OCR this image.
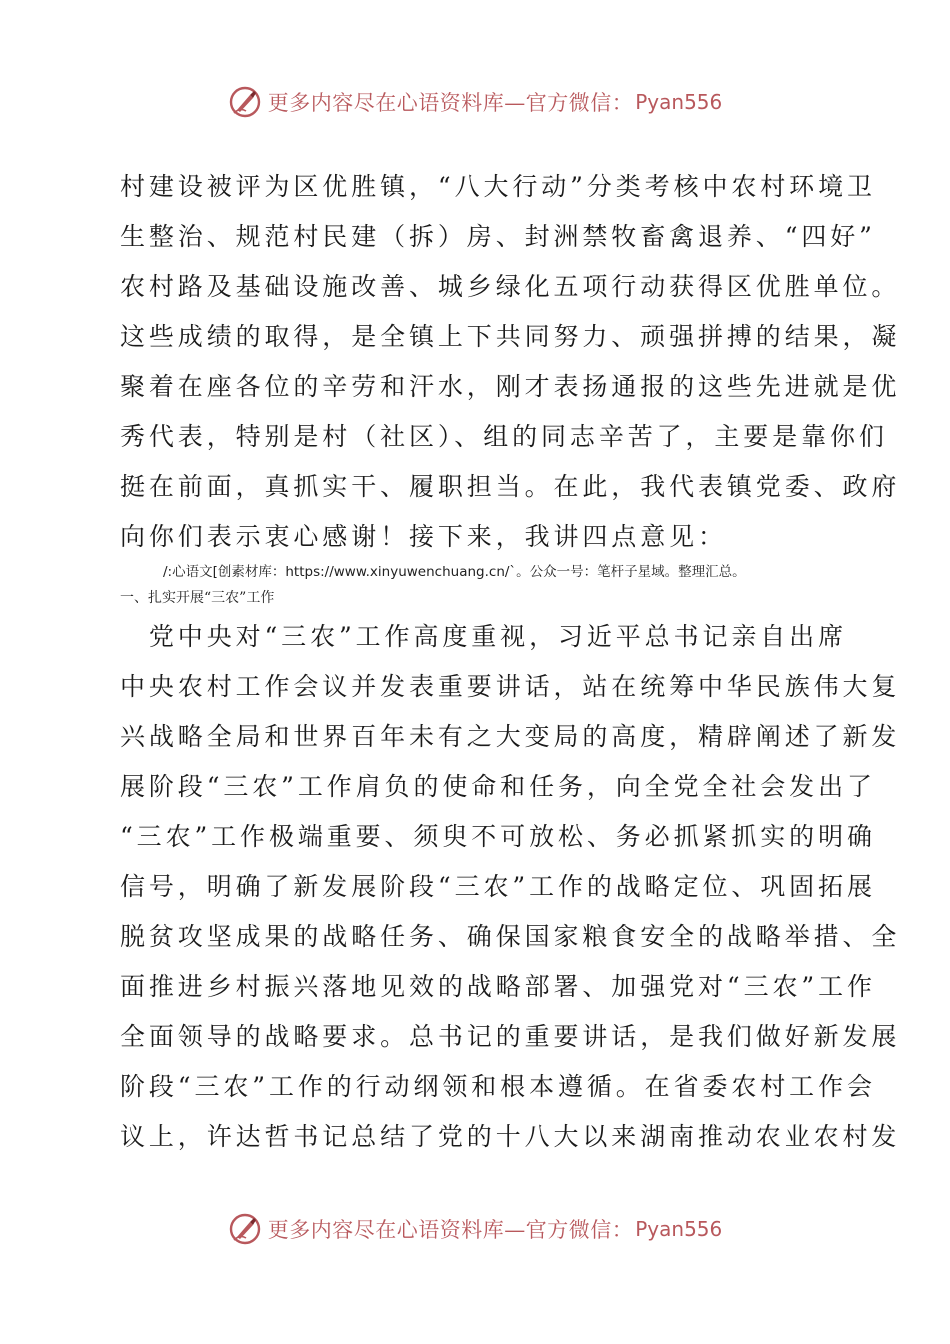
更多内容尽在心语资料库—官方微信： Pyan556
村建设被评为区优胜镇，“八大行动”分类考核中农村环境卫
生整治、规范村民建（拆）房、封洲禁牧畜禽退养、“四好”
农村路及基础设施改善、城乡绿化五项行动获得区优胜单位。
这些成绩的取得，是全镇上下共同努力、顽强拼搏的结果，凝
聚着在座各位的辛劳和汗水，刚才表扬通报的这些先进就是优
秀代表，特别是村（社区）、组的同志辛苦了，主要是靠你们
挺在前面，真抓实干、履职担当。在此，我代表镇党委、政府
向你们表示衷心感谢！接下来，我讲四点意见：
/:心语文[创素材库：https://www.xinyuwenchuang.cn/`。公众一号：笔杆子星域。整理汇总。
一、扎实开展“三农”工作
　党中央对“三农”工作高度重视，习近平总书记亲自出席
中央农村工作会议并发表重要讲话，站在统筹中华民族伟大复
兴战略全局和世界百年未有之大变局的高度，精辟阐述了新发
展阶段“三农”工作肩负的使命和任务，向全党全社会发出了
“三农”工作极端重要、须臾不可放松、务必抓紧抓实的明确
信号，明确了新发展阶段“三农”工作的战略定位、巩固拓展
脱贫攻坚成果的战略任务、确保国家粮食安全的战略举措、全
面推进乡村振兴落地见效的战略部署、加强党对“三农”工作
全面领导的战略要求。总书记的重要讲话，是我们做好新发展
阶段“三农”工作的行动纲领和根本遵循。在省委农村工作会
议上，许达哲书记总结了党的十八大以来湖南推动农业农村发
更多内容尽在心语资料库—官方微信： Pyan556
